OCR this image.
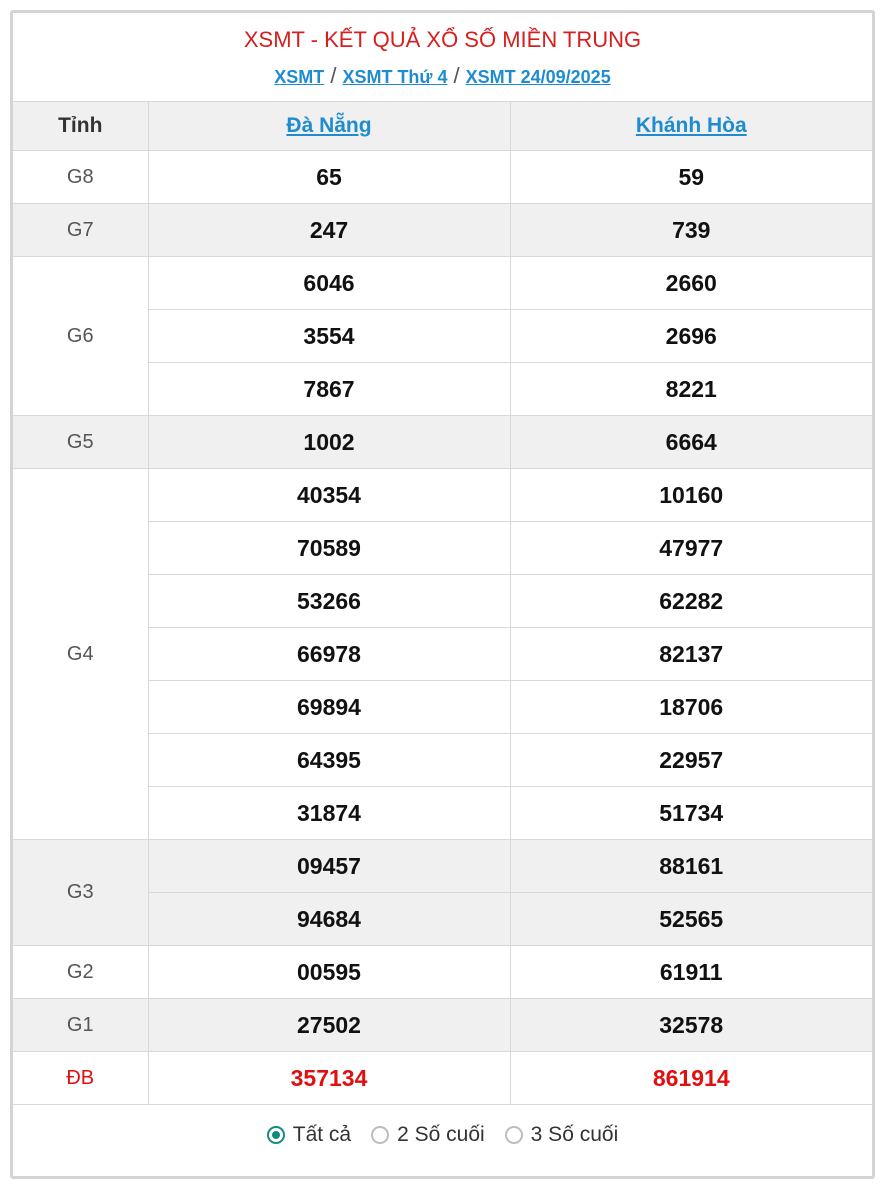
XSMT - KẾT QUẢ XỔ SỐ MIỀN TRUNG
XSMT / XSMT Thứ 4 / XSMT 24/09/2025
Tỉnh	Đà Nẵng	Khánh Hòa
G8	65	59
G7	247	739
G6	6046	2660
	3554	2696
	7867	8221
G5	1002	6664
G4	40354	10160
	70589	47977
	53266	62282
	66978	82137
	69894	18706
	64395	22957
	31874	51734
G3	09457	88161
	94684	52565
G2	00595	61911
G1	27502	32578
ĐB	357134	861914
Tất cả 2 Số cuối 3 Số cuối
